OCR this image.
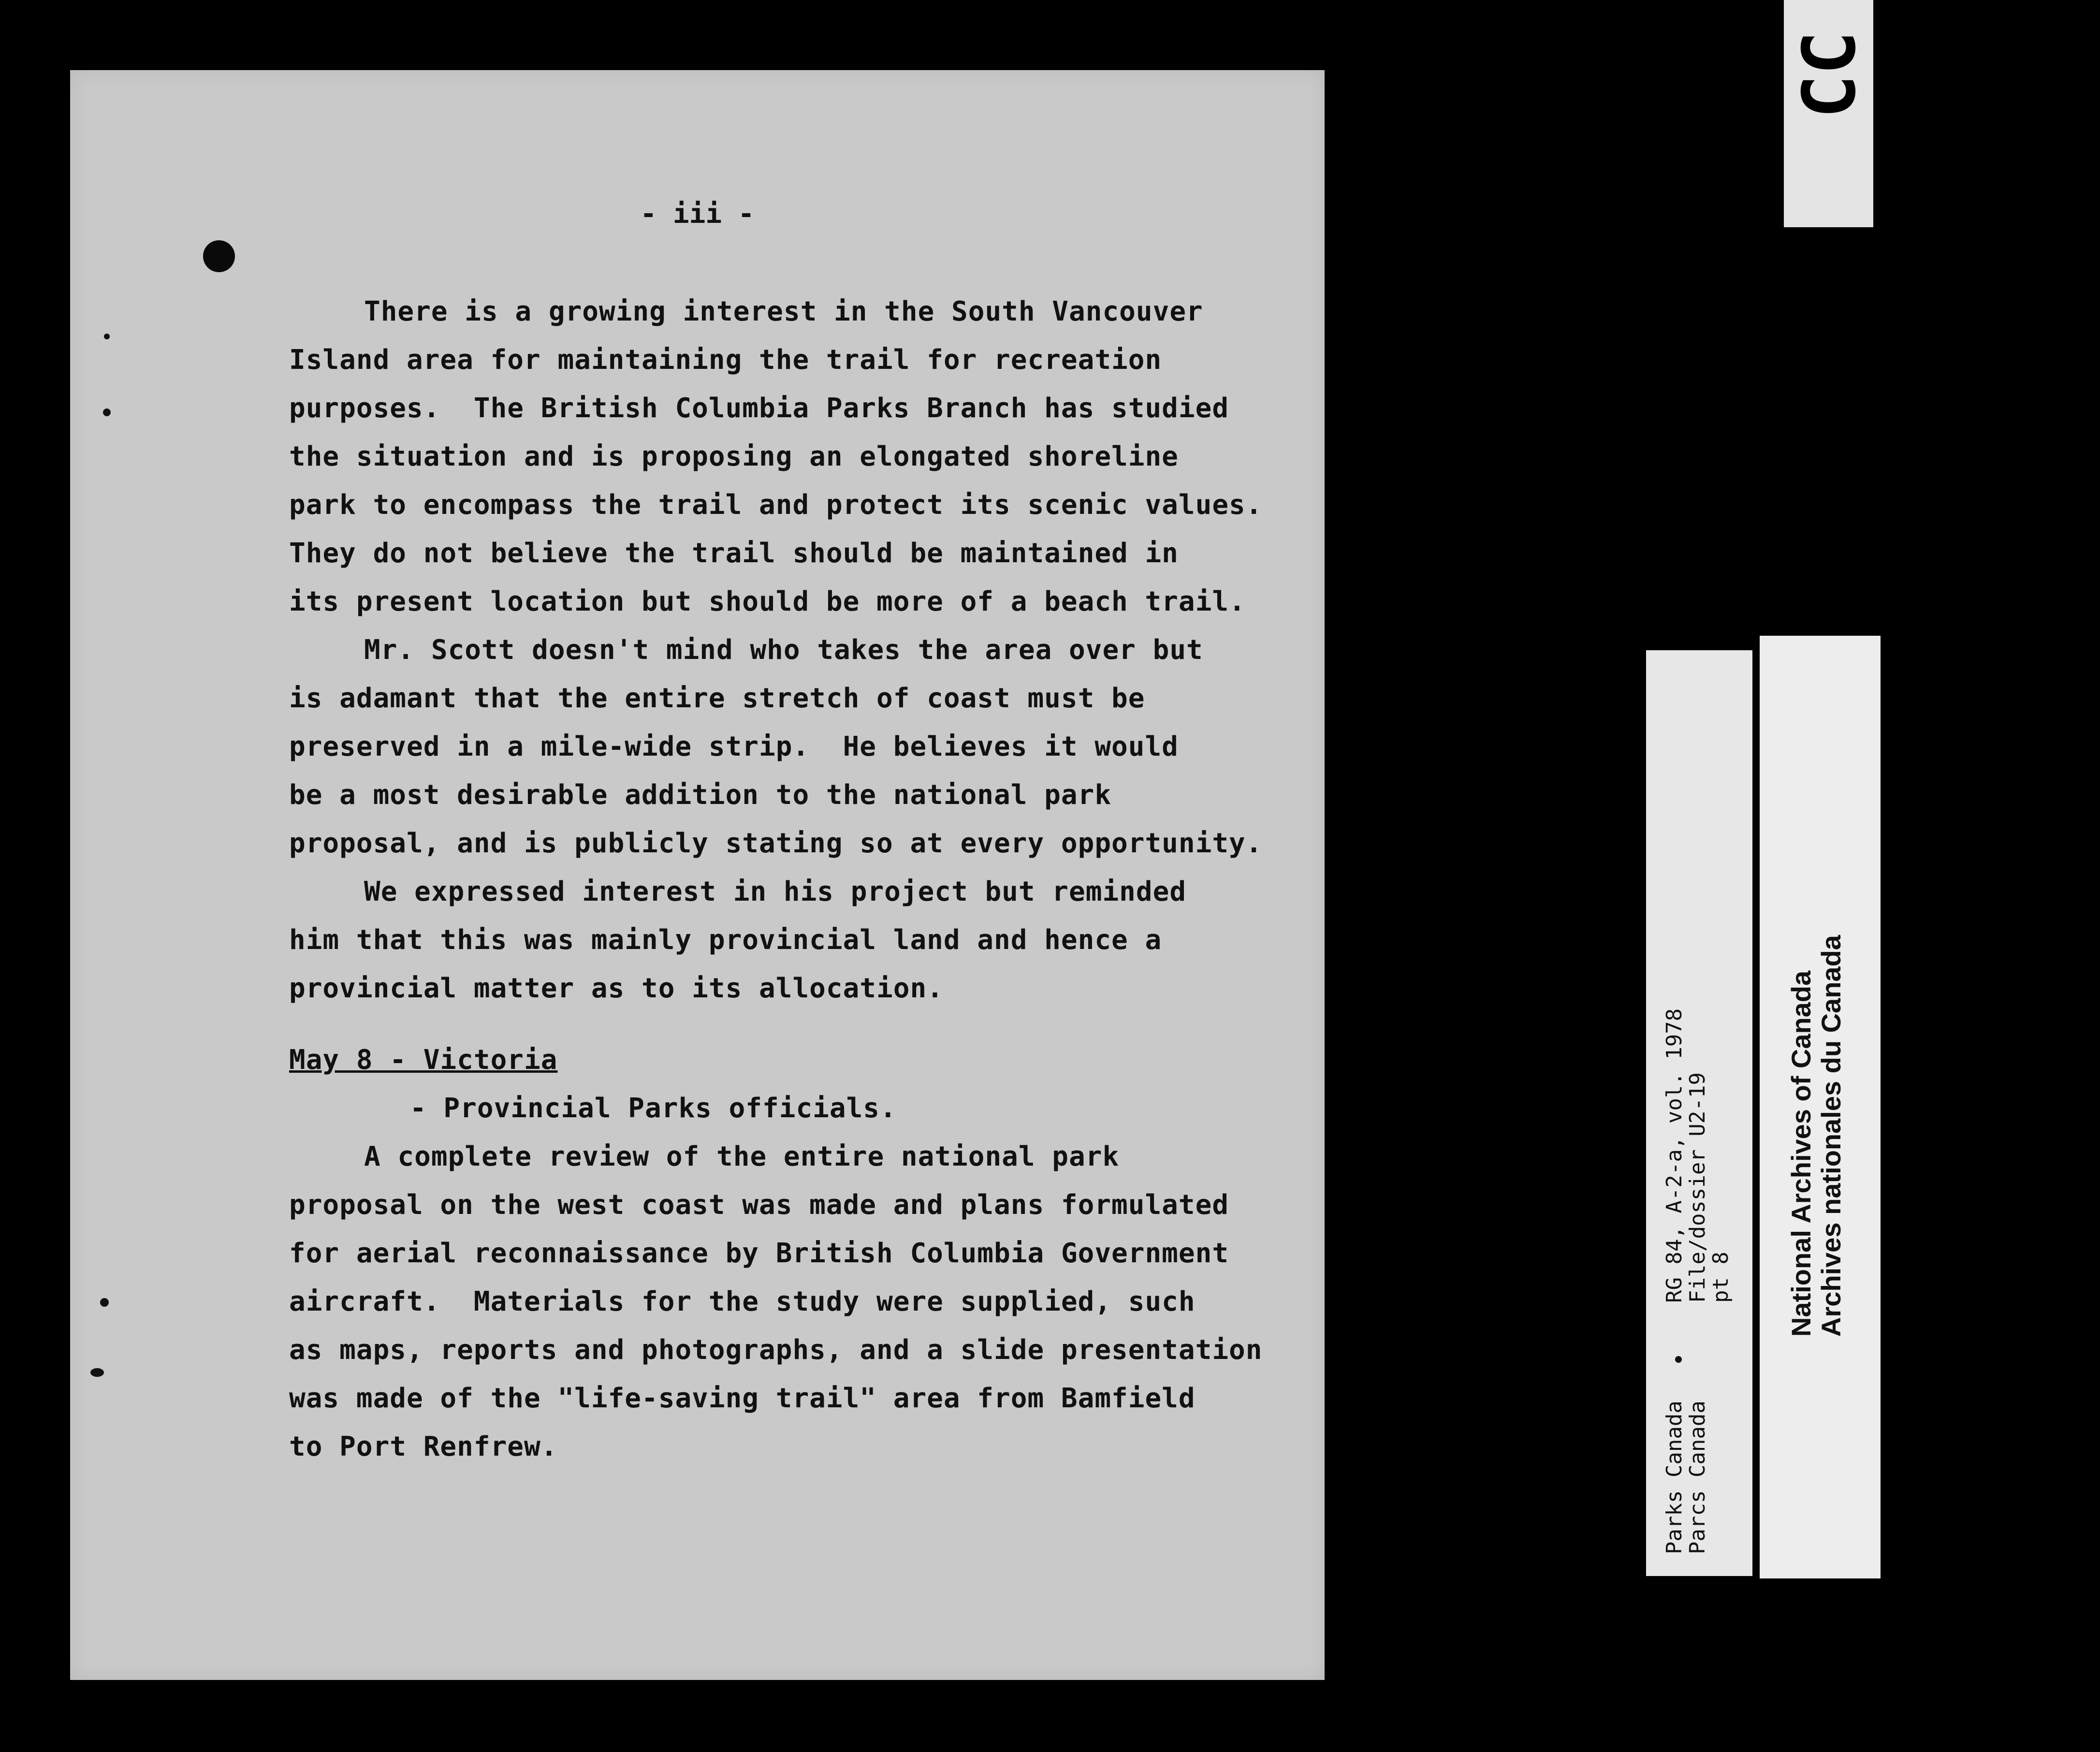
- iii -
There is a growing interest in the South Vancouver
Island area for maintaining the trail for recreation
purposes.  The British Columbia Parks Branch has studied
the situation and is proposing an elongated shoreline
park to encompass the trail and protect its scenic values.
They do not believe the trail should be maintained in
its present location but should be more of a beach trail.
Mr. Scott doesn't mind who takes the area over but
is adamant that the entire stretch of coast must be
preserved in a mile-wide strip.  He believes it would
be a most desirable addition to the national park
proposal, and is publicly stating so at every opportunity.
We expressed interest in his project but reminded
him that this was mainly provincial land and hence a
provincial matter as to its allocation.
May 8 - Victoria
- Provincial Parks officials.
A complete review of the entire national park
proposal on the west coast was made and plans formulated
for aerial reconnaissance by British Columbia Government
aircraft.  Materials for the study were supplied, such
as maps, reports and photographs, and a slide presentation
was made of the "life-saving trail" area from Bamfield
to Port Renfrew.	Parks Canada
RG 84, A-2-a, vol. 1978
Parcs Canada
File/dossier U2-19
pt 8 National Archives of Canada Archives nationales du Canada
CC
